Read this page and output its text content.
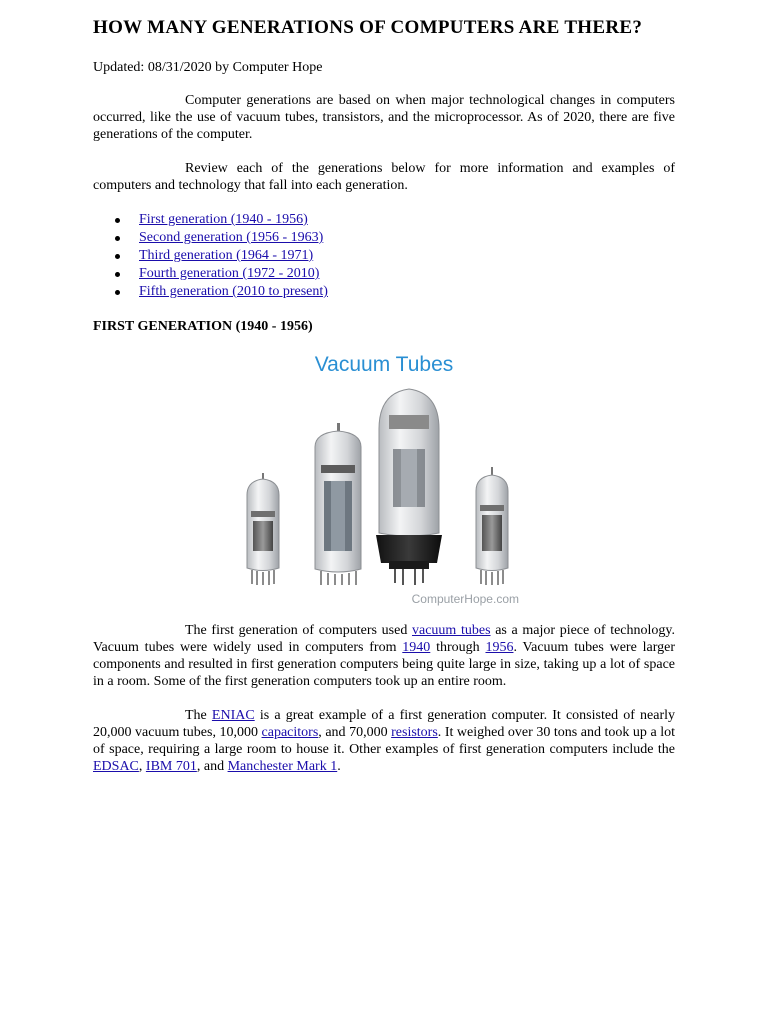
HOW MANY GENERATIONS OF COMPUTERS ARE THERE?
Updated: 08/31/2020 by Computer Hope

Computer generations are based on when major technological changes in computers occurred, like the use of vacuum tubes, transistors, and the microprocessor. As of 2020, there are five generations of the computer.

Review each of the generations below for more information and examples of computers and technology that fall into each generation.

First generation (1940 - 1956)
Second generation (1956 - 1963)
Third generation (1964 - 1971)
Fourth generation (1972 - 2010)
Fifth generation (2010 to present)
FIRST GENERATION (1940 - 1956)
Vacuum Tubes
ComputerHope.com

The first generation of computers used vacuum tubes as a major piece of technology. Vacuum tubes were widely used in computers from 1940 through 1956. Vacuum tubes were larger components and resulted in first generation computers being quite large in size, taking up a lot of space in a room. Some of the first generation computers took up an entire room.

The ENIAC is a great example of a first generation computer. It consisted of nearly 20,000 vacuum tubes, 10,000 capacitors, and 70,000 resistors. It weighed over 30 tons and took up a lot of space, requiring a large room to house it. Other examples of first generation computers include the EDSAC, IBM 701, and Manchester Mark 1.
